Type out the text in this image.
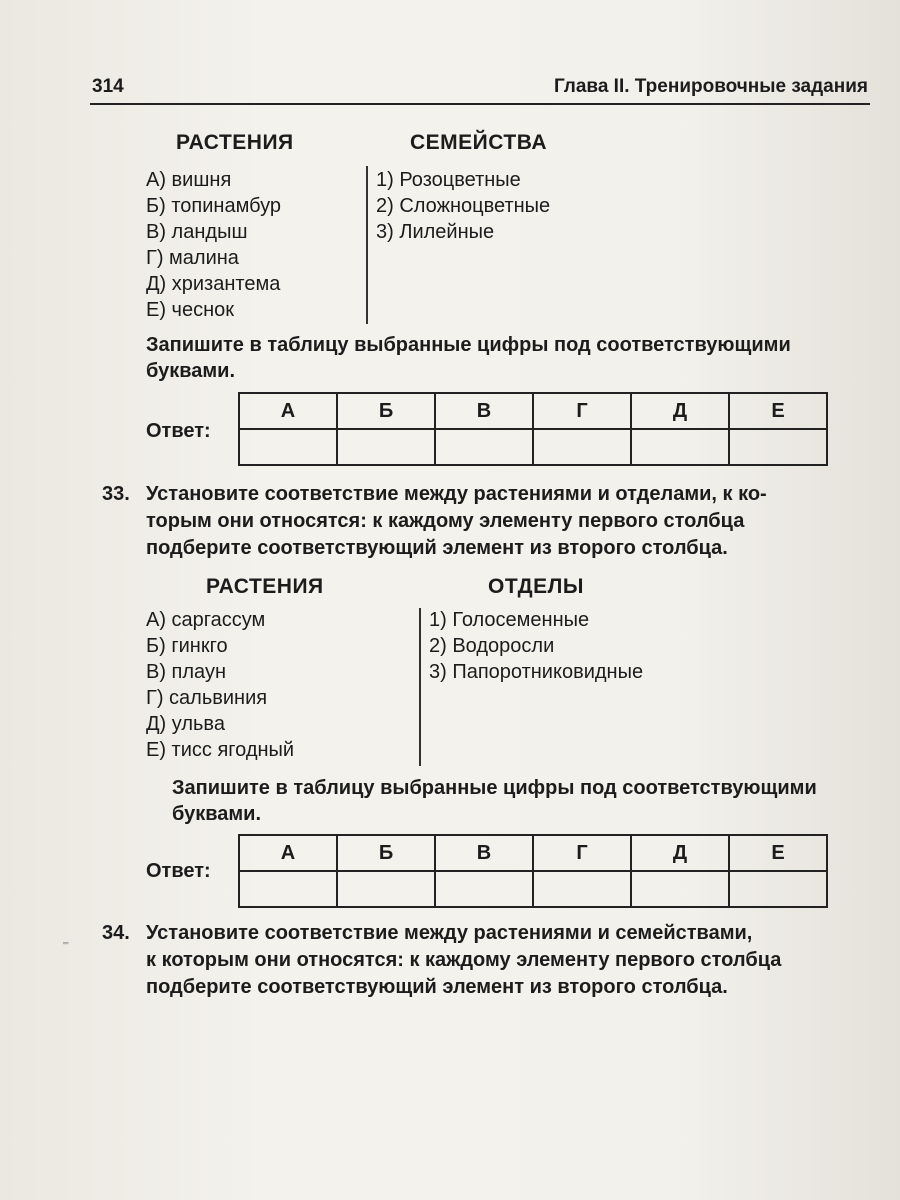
314	Глава II. Тренировочные задания
РАСТЕНИЯ	СЕМЕЙСТВА
А) вишня
Б) топинамбур
В) ландыш
Г) малина
Д) хризантема
Е) чеснок
1) Розоцветные
2) Сложноцветные
3) Лилейные
Запишите в таблицу выбранные цифры под соответствующими
буквами.
Ответ:
А	Б	В	Г	Д	Е

33. Установите соответствие между растениями и отделами, к ко-
торым они относятся: к каждому элементу первого столбца
подберите соответствующий элемент из второго столбца.
РАСТЕНИЯ	ОТДЕЛЫ
А) саргассум
Б) гинкго
В) плаун
Г) сальвиния
Д) ульва
Е) тисс ягодный
1) Голосеменные
2) Водоросли
3) Папоротниковидные
Запишите в таблицу выбранные цифры под соответствующими
буквами.
Ответ:
А	Б	В	Г	Д	Е

⁼
34. Установите соответствие между растениями и семействами,
к которым они относятся: к каждому элементу первого столбца
подберите соответствующий элемент из второго столбца.
